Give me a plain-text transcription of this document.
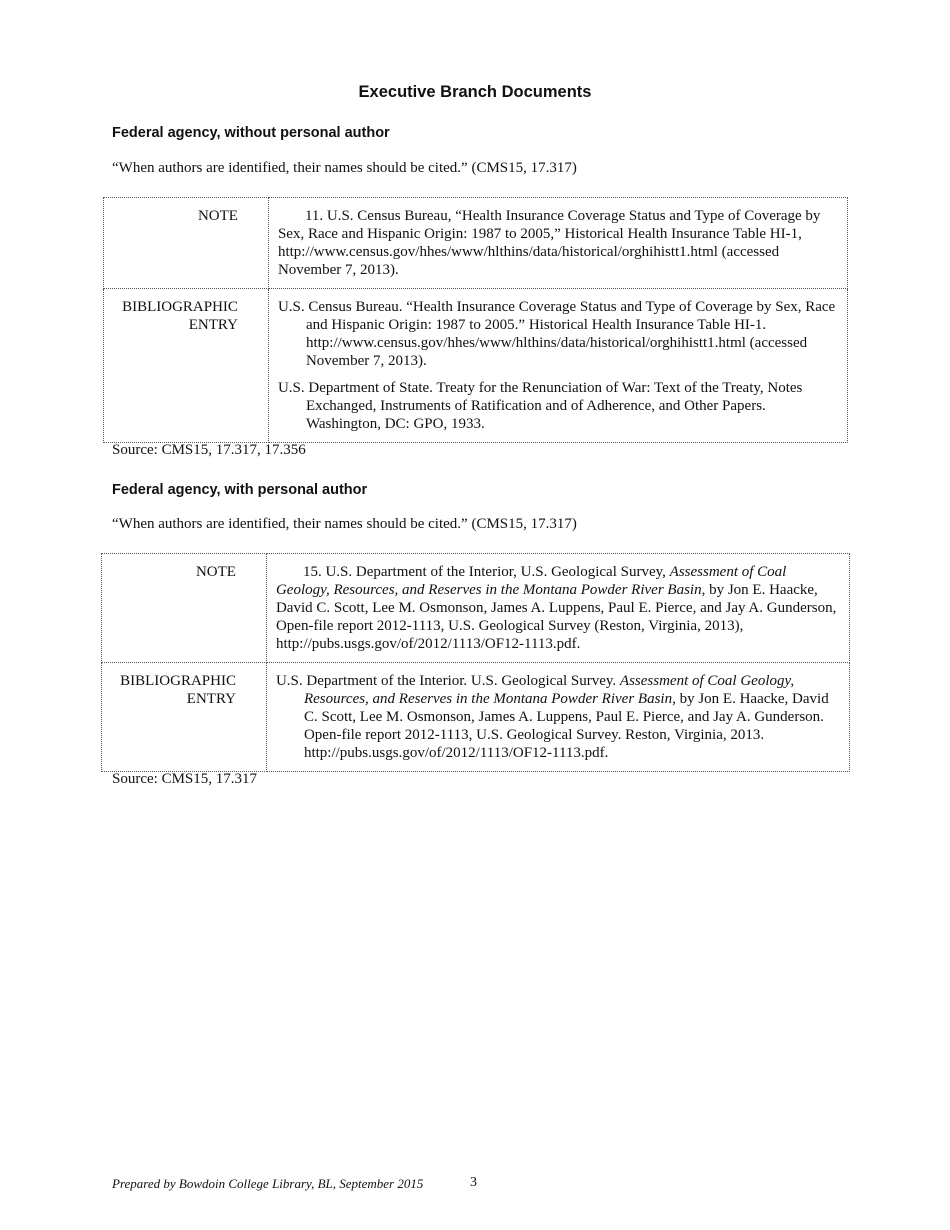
Executive Branch Documents
Federal agency, without personal author

“When authors are identified, their names should be cited.” (CMS15, 17.317)

NOTE	11. U.S. Census Bureau, “Health Insurance Coverage Status and Type of Coverage by Sex, Race and Hispanic Origin: 1987 to 2005,” Historical Health Insurance Table HI-1, http://www.census.gov/hhes/www/hlthins/data/historical/orghihistt1.html (accessed November 7, 2013).

BIBLIOGRAPHIC ENTRY	U.S. Census Bureau. “Health Insurance Coverage Status and Type of Coverage by Sex, Race and Hispanic Origin: 1987 to 2005.” Historical Health Insurance Table HI-1. http://www.census.gov/hhes/www/hlthins/data/historical/orghihistt1.html (accessed November 7, 2013).

U.S. Department of State. Treaty for the Renunciation of War: Text of the Treaty, Notes Exchanged, Instruments of Ratification and of Adherence, and Other Papers. Washington, DC: GPO, 1933.

Source: CMS15, 17.317, 17.356

Federal agency, with personal author

“When authors are identified, their names should be cited.” (CMS15, 17.317)

NOTE	15. U.S. Department of the Interior, U.S. Geological Survey, Assessment of Coal Geology, Resources, and Reserves in the Montana Powder River Basin, by Jon E. Haacke, David C. Scott, Lee M. Osmonson, James A. Luppens, Paul E. Pierce, and Jay A. Gunderson, Open-file report 2012-1113, U.S. Geological Survey (Reston, Virginia, 2013), http://pubs.usgs.gov/of/2012/1113/OF12-1113.pdf.

BIBLIOGRAPHIC ENTRY	U.S. Department of the Interior. U.S. Geological Survey. Assessment of Coal Geology, Resources, and Reserves in the Montana Powder River Basin, by Jon E. Haacke, David C. Scott, Lee M. Osmonson, James A. Luppens, Paul E. Pierce, and Jay A. Gunderson. Open-file report 2012-1113, U.S. Geological Survey. Reston, Virginia, 2013. http://pubs.usgs.gov/of/2012/1113/OF12-1113.pdf.

Source: CMS15, 17.317

Prepared by Bowdoin College Library, BL, September 2015	3
